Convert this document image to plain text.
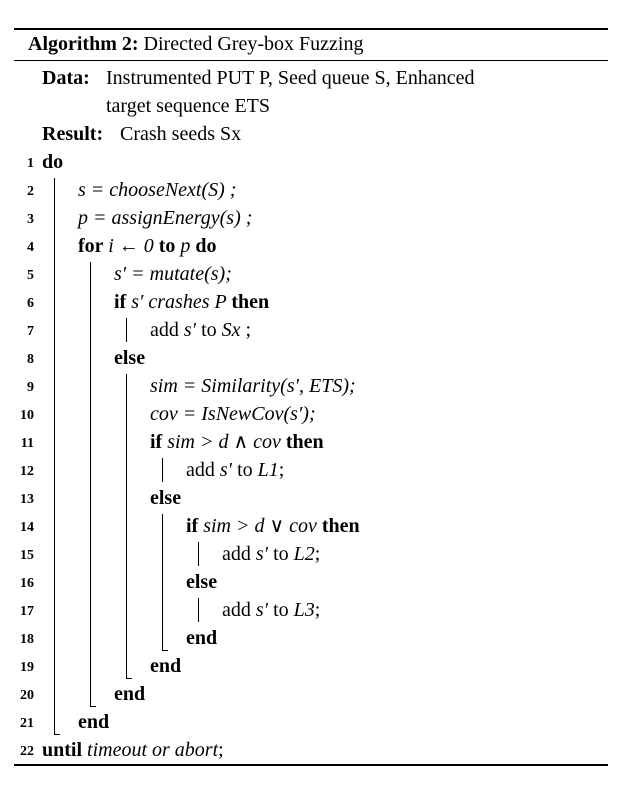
Algorithm 2: Directed Grey-box Fuzzing
Data: Instrumented PUT P, Seed queue S, Enhanced
target sequence ETS
Result: Crash seeds Sx
1 do
2 s = chooseNext(S) ;
3 p = assignEnergy(s) ;
4 for i ← 0 to p do
5	s′ = mutate(s);
6	if s′ crashes P then
7	add s′ to Sx ;
8	else
9	sim = Similarity(s′, ETS);
10	cov = IsNewCov(s′);
11	if sim > d ∧ cov then
12	add s′ to L1;
13	else
14	if sim > d ∨ cov then
15	add s′ to L2;
16	else
17	add s′ to L3;
18	end
19	end
20	end
21 end
22 until timeout or abort;
